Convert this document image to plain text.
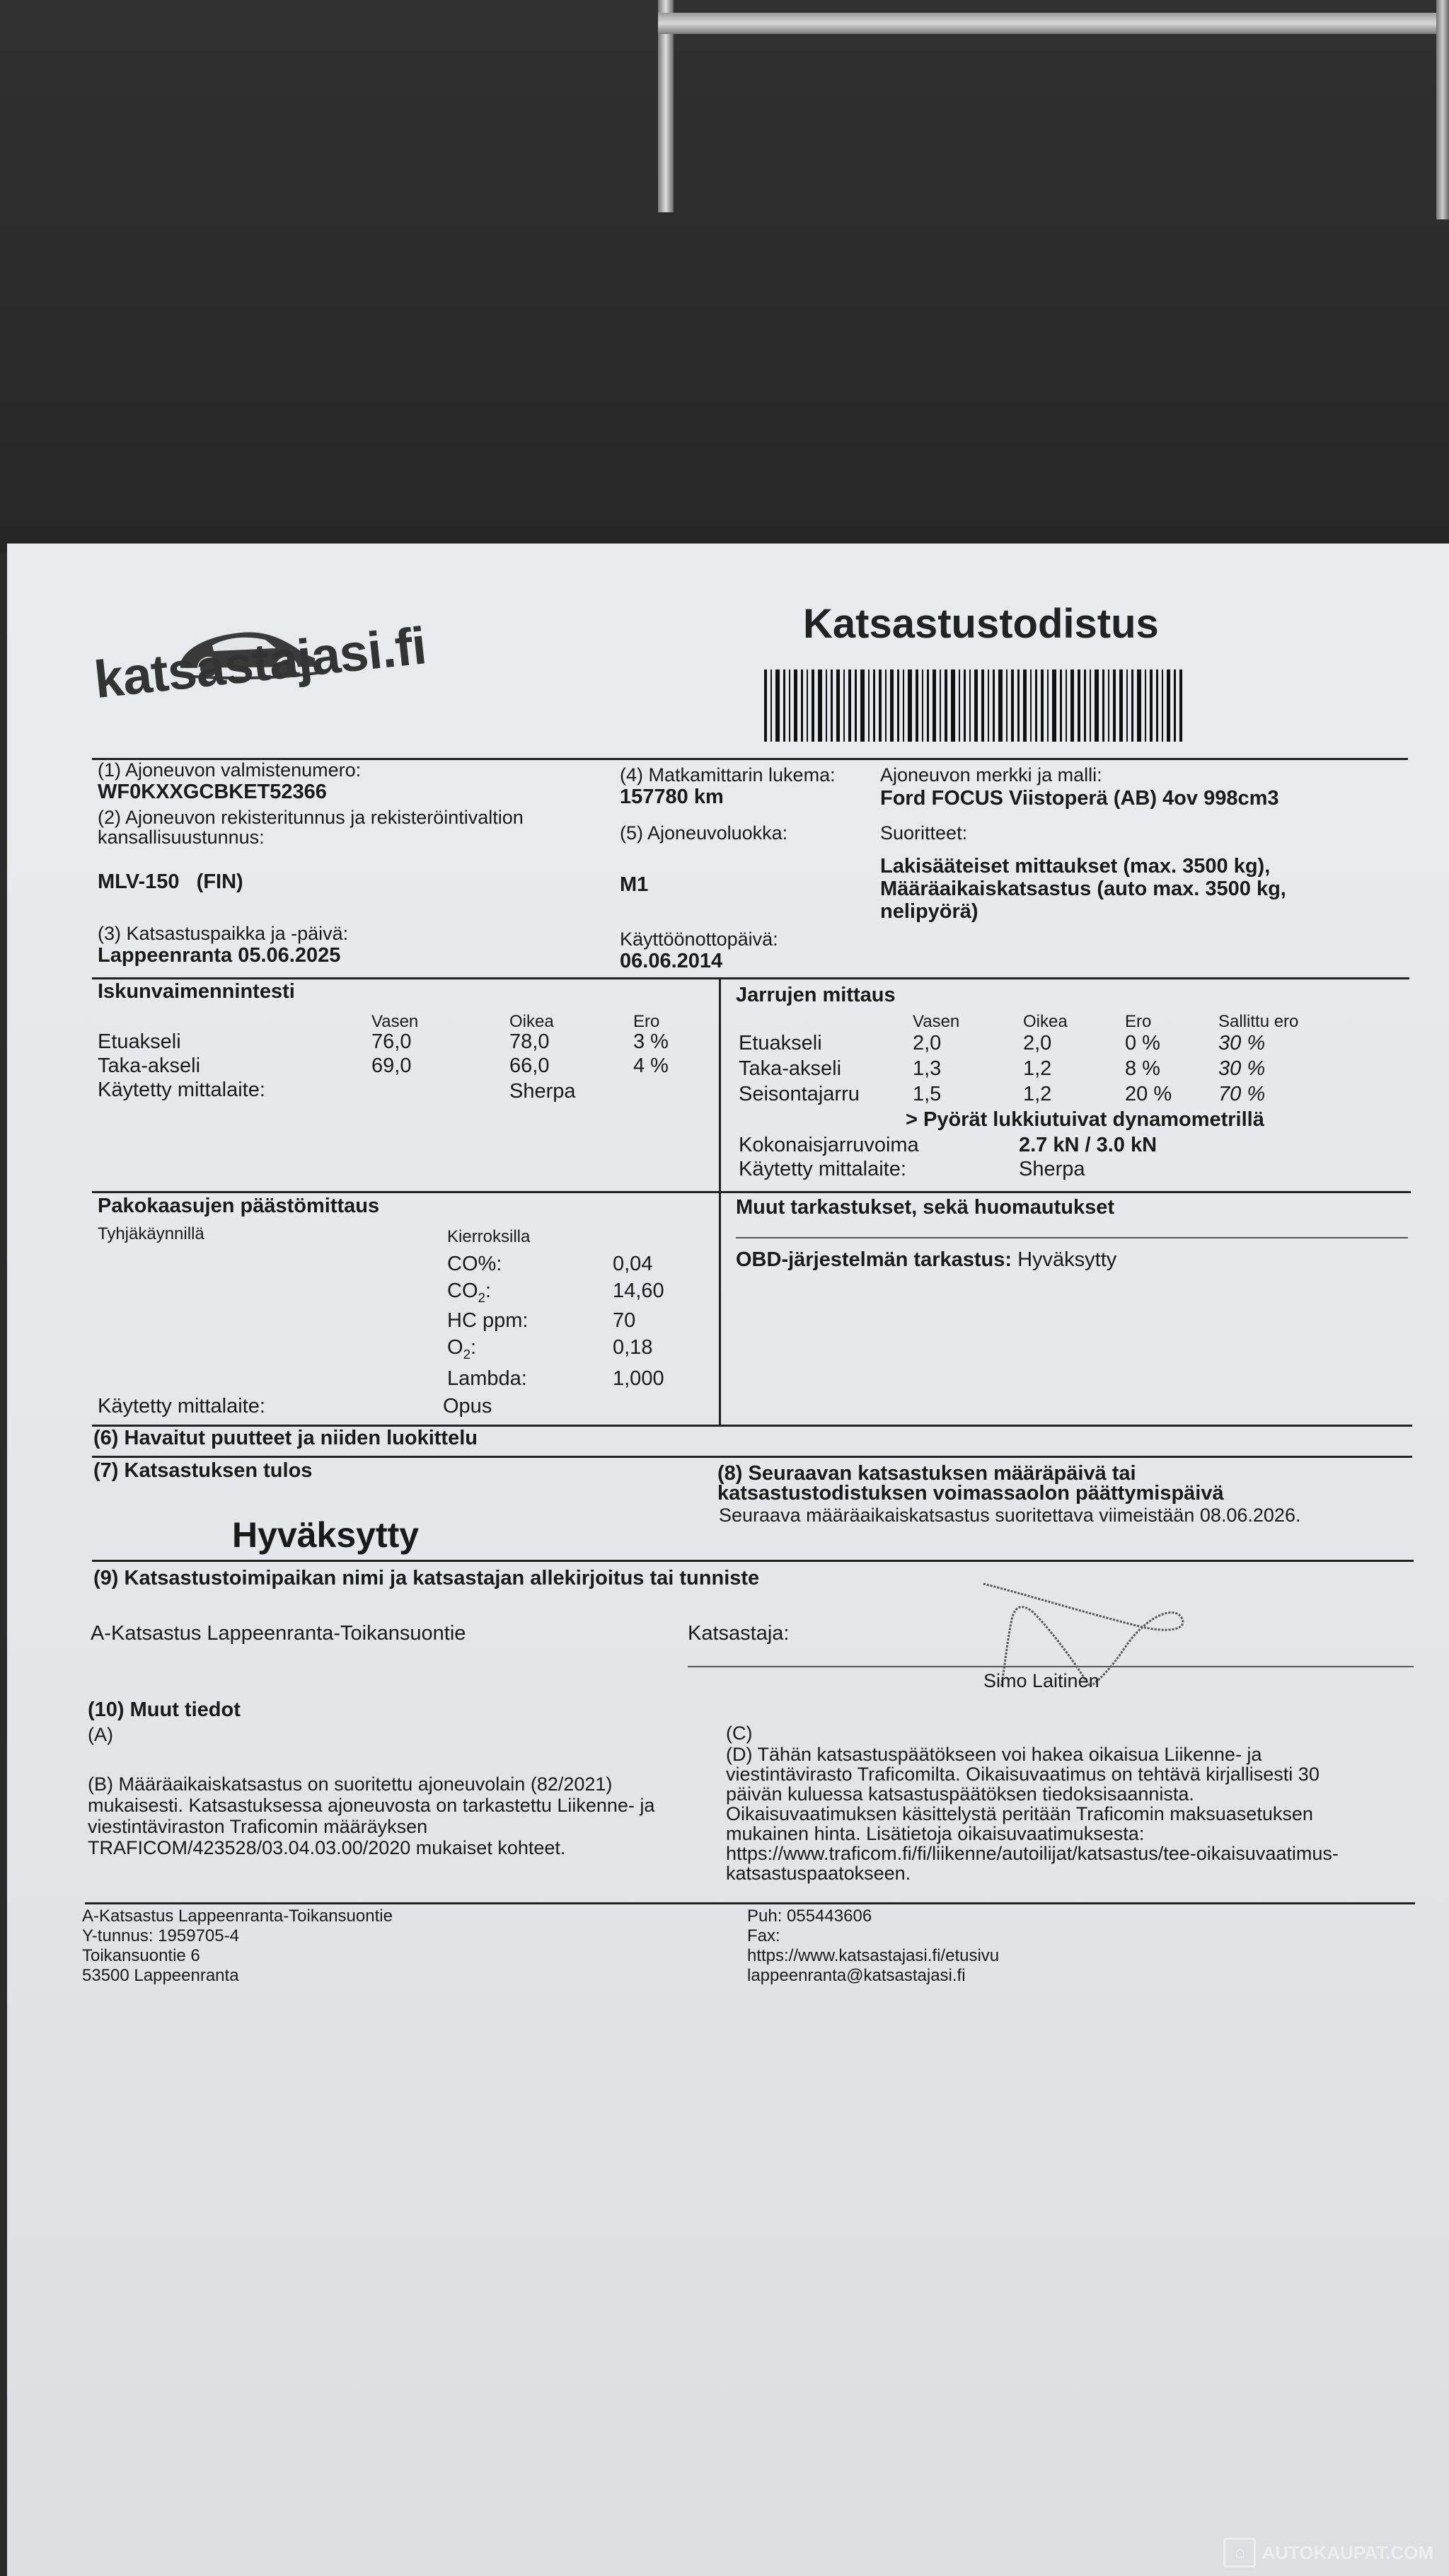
katsastajasi.fi	Katsastustodistus
(1) Ajoneuvon valmistenumero:
WF0KXXGCBKET52366
(2) Ajoneuvon rekisteritunnus ja rekisteröintivaltion
kansallisuustunnus:
MLV-150   (FIN)
(3) Katsastuspaikka ja -päivä:
Lappeenranta 05.06.2025
(4) Matkamittarin lukema:
157780 km
(5) Ajoneuvoluokka:
M1
Käyttöönottopäivä:
06.06.2014
Ajoneuvon merkki ja malli:
Ford FOCUS Viistoperä (AB) 4ov 998cm3
Suoritteet:
Lakisääteiset mittaukset (max. 3500 kg),
Määräaikaiskatsastus (auto max. 3500 kg,
nelipyörä)
Iskunvaimennintesti
Vasen	Oikea	Ero
Etuakseli	76,0	78,0	3 %
Taka-akseli	69,0	66,0	4 %
Käytetty mittalaite:	Sherpa
Jarrujen mittaus
Vasen	Oikea	Ero	Sallittu ero
Etuakseli	2,0	2,0	0 %	30 %
Taka-akseli	1,3	1,2	8 %	30 %
Seisontajarru	1,5	1,2	20 % 70 %
> Pyörät lukkiutuivat dynamometrillä
Kokonaisjarruvoima	2.7 kN / 3.0 kN
Käytetty mittalaite:	Sherpa
Pakokaasujen päästömittaus
Tyhjäkäynnillä	Kierroksilla
CO%:	0,04
$CO_2$:	14,60
HC ppm:	70
$O_2$:	0,18
Lambda:	1,000
Käytetty mittalaite:	Opus
Muut tarkastukset, sekä huomautukset
OBD-järjestelmän tarkastus: Hyväksytty
(6) Havaitut puutteet ja niiden luokittelu
(7) Katsastuksen tulos
Hyväksytty
(8) Seuraavan katsastuksen määräpäivä tai
katsastustodistuksen voimassaolon päättymispäivä
Seuraava määräaikaiskatsastus suoritettava viimeistään 08.06.2026.
(9) Katsastustoimipaikan nimi ja katsastajan allekirjoitus tai tunniste
A-Katsastus Lappeenranta-Toikansuontie	Katsastaja:
Simo Laitinen
(10) Muut tiedot
(A)
(B) Määräaikaiskatsastus on suoritettu ajoneuvolain (82/2021)
mukaisesti. Katsastuksessa ajoneuvosta on tarkastettu Liikenne- ja
viestintäviraston Traficomin määräyksen
TRAFICOM/423528/03.04.03.00/2020 mukaiset kohteet.
(C)
(D) Tähän katsastuspäätökseen voi hakea oikaisua Liikenne- ja
viestintävirasto Traficomilta. Oikaisuvaatimus on tehtävä kirjallisesti 30
päivän kuluessa katsastuspäätöksen tiedoksisaannista.
Oikaisuvaatimuksen käsittelystä peritään Traficomin maksuasetuksen
mukainen hinta. Lisätietoja oikaisuvaatimuksesta:
https://www.traficom.fi/fi/liikenne/autoilijat/katsastus/tee-oikaisuvaatimus-
katsastuspaatokseen.
A-Katsastus Lappeenranta-Toikansuontie
Y-tunnus: 1959705-4
Toikansuontie 6
53500 Lappeenranta
Puh: 055443606
Fax:
https://www.katsastajasi.fi/etusivu
lappeenranta@katsastajasi.fi
⌂ AUTOKAUPAT.COM
